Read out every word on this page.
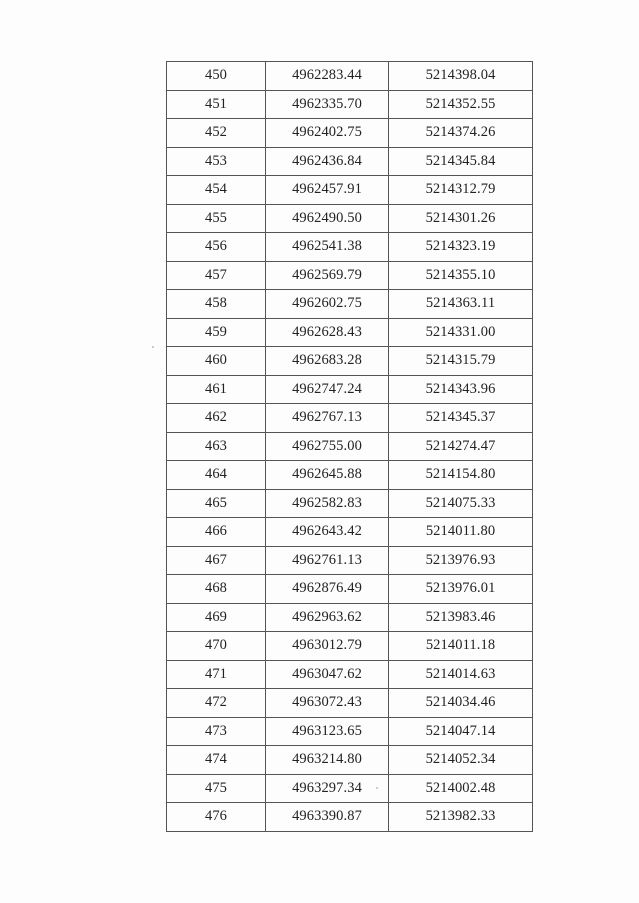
450	4962283.44	5214398.04
451	4962335.70	5214352.55
452	4962402.75	5214374.26
453	4962436.84	5214345.84
454	4962457.91	5214312.79
455	4962490.50	5214301.26
456	4962541.38	5214323.19
457	4962569.79	5214355.10
458	4962602.75	5214363.11
459	4962628.43	5214331.00
460	4962683.28	5214315.79
461	4962747.24	5214343.96
462	4962767.13	5214345.37
463	4962755.00	5214274.47
464	4962645.88	5214154.80
465	4962582.83	5214075.33
466	4962643.42	5214011.80
467	4962761.13	5213976.93
468	4962876.49	5213976.01
469	4962963.62	5213983.46
470	4963012.79	5214011.18
471	4963047.62	5214014.63
472	4963072.43	5214034.46
473	4963123.65	5214047.14
474	4963214.80	5214052.34
475	4963297.34	5214002.48
476	4963390.87	5213982.33
